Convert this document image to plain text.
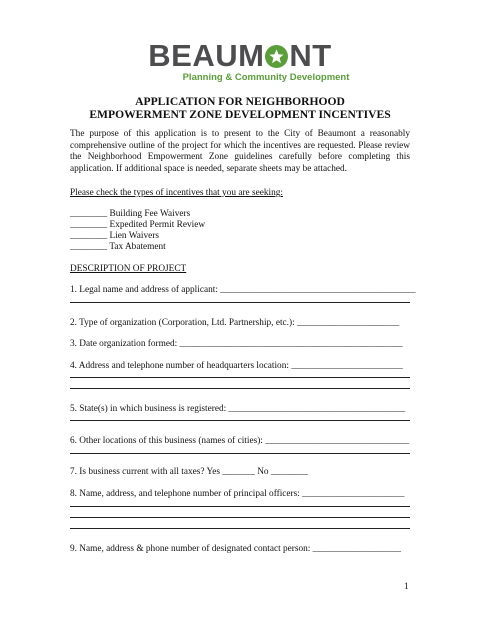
BEAUM NT
Planning & Community Development
APPLICATION FOR NEIGHBORHOOD
EMPOWERMENT ZONE DEVELOPMENT INCENTIVES
The purpose of this application is to present to the City of Beaumont a reasonably comprehensive outline of the project for which the incentives are requested. Please review the Neighborhood Empowerment Zone guidelines carefully before completing this application. If additional space is needed, separate sheets may be attached.
Please check the types of incentives that you are seeking:
________ Building Fee Waivers
________ Expedited Permit Review
________ Lien Waivers
________ Tax Abatement
DESCRIPTION OF PROJECT
1. Legal name and address of applicant: __________________________________________
2. Type of organization (Corporation, Ltd. Partnership, etc.): ______________________
3. Date organization formed: ________________________________________________
4. Address and telephone number of headquarters location: ________________________
5. State(s) in which business is registered: ______________________________________
6. Other locations of this business (names of cities): _______________________________
7. Is business current with all taxes? Yes _______ No ________
8. Name, address, and telephone number of principal officers: ______________________
9. Name, address & phone number of designated contact person: ___________________
1
